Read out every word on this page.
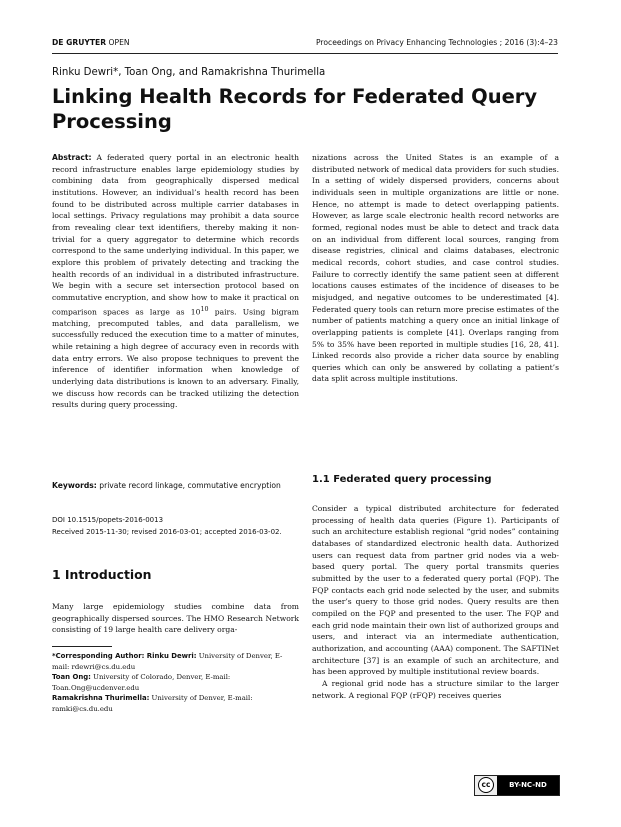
DE GRUYTER OPEN	Proceedings on Privacy Enhancing Technologies ; 2016 (3):4–23
Rinku Dewri*, Toan Ong, and Ramakrishna Thurimella
Linking Health Records for Federated Query Processing

Abstract: A federated query portal in an electronic health record infrastructure enables large epidemiology studies by combining data from geographically dispersed medical institutions. However, an individual’s health record has been found to be distributed across multiple carrier databases in local settings. Privacy regulations may prohibit a data source from revealing clear text identifiers, thereby making it non-trivial for a query aggregator to determine which records correspond to the same underlying individual. In this paper, we explore this problem of privately detecting and tracking the health records of an individual in a distributed infrastructure. We begin with a secure set intersection protocol based on commutative encryption, and show how to make it practical on comparison spaces as large as $10^{10}$ pairs. Using bigram matching, precomputed tables, and data parallelism, we successfully reduced the execution time to a matter of minutes, while retaining a high degree of accuracy even in records with data entry errors. We also propose techniques to prevent the inference of identifier information when knowledge of underlying data distributions is known to an adversary. Finally, we discuss how records can be tracked utilizing the detection results during query processing.

Keywords: private record linkage, commutative encryption

DOI 10.1515/popets-2016-0013
Received 2015-11-30; revised 2016-03-01; accepted 2016-03-02.
1 Introduction

Many large epidemiology studies combine data from geographically dispersed sources. The HMO Research Network consisting of 19 large health care delivery orga-

*Corresponding Author: Rinku Dewri: University of Denver, E-mail: rdewri@cs.du.edu

Toan Ong: University of Colorado, Denver, E-mail: Toan.Ong@ucdenver.edu

Ramakrishna Thurimella: University of Denver, E-mail: ramki@cs.du.edu

nizations across the United States is an example of a distributed network of medical data providers for such studies. In a setting of widely dispersed providers, concerns about individuals seen in multiple organizations are little or none. Hence, no attempt is made to detect overlapping patients. However, as large scale electronic health record networks are formed, regional nodes must be able to detect and track data on an individual from different local sources, ranging from disease registries, clinical and claims databases, electronic medical records, cohort studies, and case control studies. Failure to correctly identify the same patient seen at different locations causes estimates of the incidence of diseases to be misjudged, and negative outcomes to be underestimated [4]. Federated query tools can return more precise estimates of the number of patients matching a query once an initial linkage of overlapping patients is complete [41]. Overlaps ranging from 5% to 35% have been reported in multiple studies [16, 28, 41]. Linked records also provide a richer data source by enabling queries which can only be answered by collating a patient’s data split across multiple institutions.

1.1 Federated query processing

Consider a typical distributed architecture for federated processing of health data queries (Figure 1). Participants of such an architecture establish regional “grid nodes” containing databases of standardized electronic health data. Authorized users can request data from partner grid nodes via a web-based query portal. The query portal transmits queries submitted by the user to a federated query portal (FQP). The FQP contacts each grid node selected by the user, and submits the user’s query to those grid nodes. Query results are then compiled on the FQP and presented to the user. The FQP and each grid node maintain their own list of authorized groups and users, and interact via an intermediate authentication, authorization, and accounting (AAA) component. The SAFTINet architecture [37] is an example of such an architecture, and has been approved by multiple institutional review boards.

A regional grid node has a structure similar to the larger network. A regional FQP (rFQP) receives queries

cc	BY-NC-ND
